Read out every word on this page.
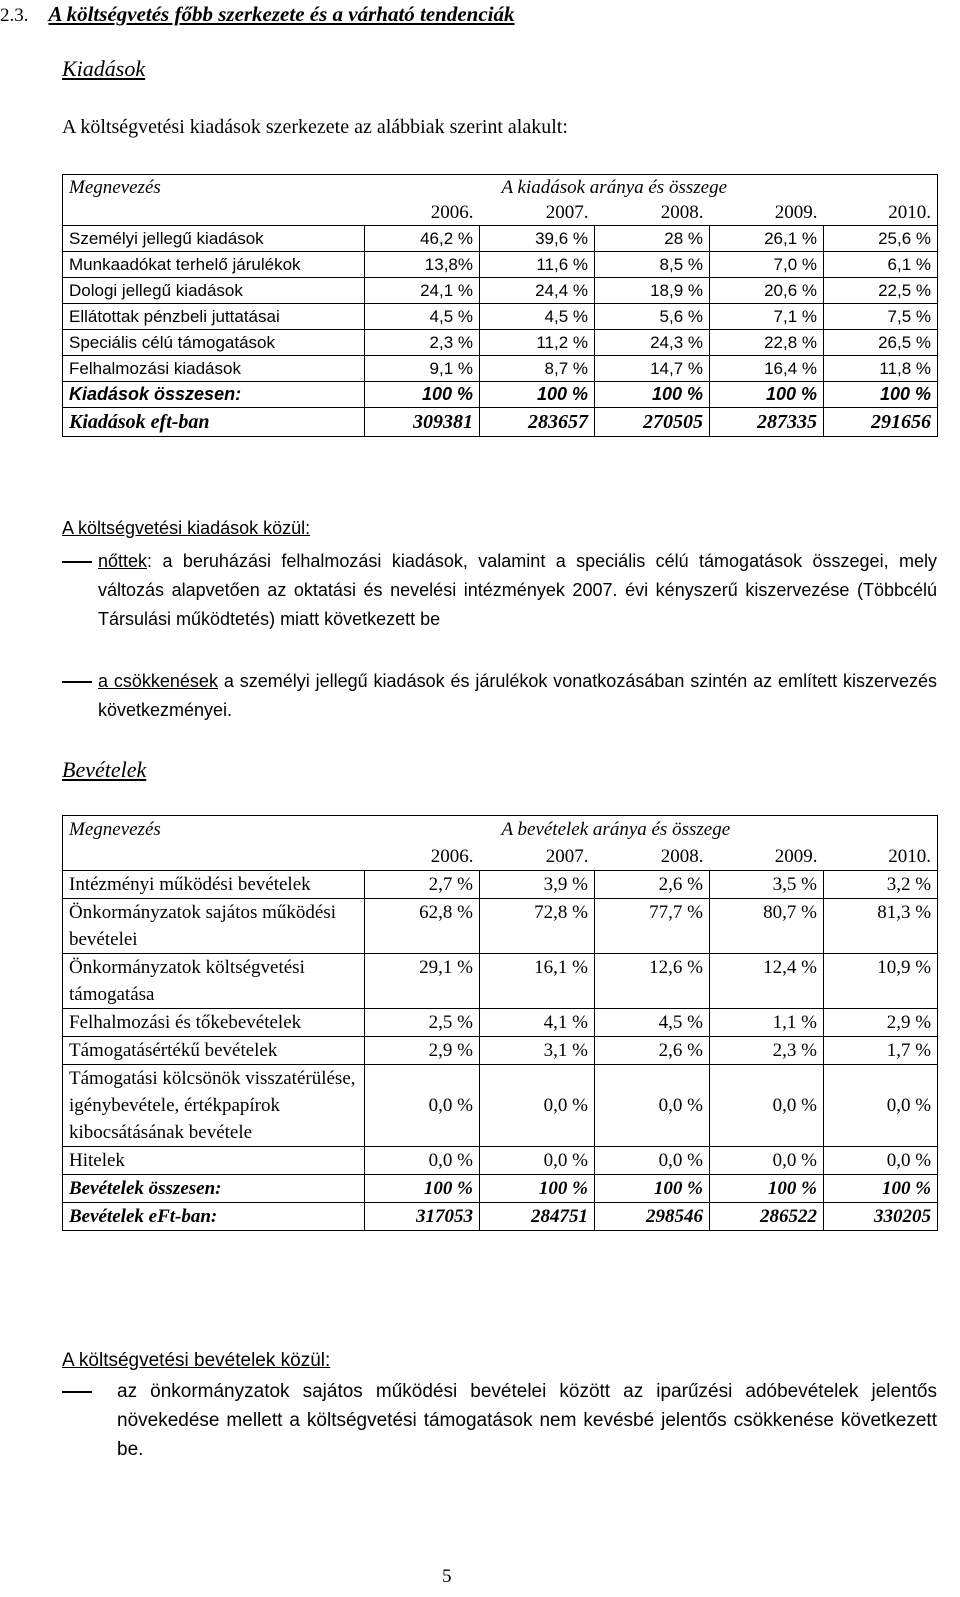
2.3. A költségvetés főbb szerkezete és a várható tendenciák
Kiadások
A költségvetési kiadások szerkezete az alábbiak szerint alakult:
Megnevezés	A kiadások aránya és összege				
	2006.	2007.	2008.	2009.	2010.
Személyi jellegű kiadások	46,2 %	39,6 %	28 %	26,1 %	25,6 %
Munkaadókat terhelő járulékok	13,8%	11,6 %	8,5 %	7,0 %	6,1 %
Dologi jellegű kiadások	24,1 %	24,4 %	18,9 %	20,6 %	22,5 %
Ellátottak pénzbeli juttatásai	4,5 %	4,5 %	5,6 %	7,1 %	7,5 %
Speciális célú támogatások	2,3 %	11,2 %	24,3 %	22,8 %	26,5 %
Felhalmozási kiadások	9,1 %	8,7 %	14,7 %	16,4 %	11,8 %
Kiadások összesen:	100 %	100 %	100 %	100 %	100 %
Kiadások eft-ban	309381	283657	270505	287335	291656
A költségvetési kiadások közül:
nőttek: a beruházási felhalmozási kiadások, valamint a speciális célú támogatások összegei, mely változás alapvetően az oktatási és nevelési intézmények 2007. évi kényszerű kiszervezése (Többcélú Társulási működtetés) miatt következett be
a csökkenések a személyi jellegű kiadások és járulékok vonatkozásában szintén az említett kiszervezés következményei.
Bevételek
Megnevezés	A bevételek aránya és összege				
	2006.	2007.	2008.	2009.	2010.
Intézményi működési bevételek	2,7 %	3,9 %	2,6 %	3,5 %	3,2 %
Önkormányzatok sajátos működési bevételei	62,8 %	72,8 %	77,7 %	80,7 %	81,3 %
Önkormányzatok költségvetési támogatása	29,1 %	16,1 %	12,6 %	12,4 %	10,9 %
Felhalmozási és tőkebevételek	2,5 %	4,1 %	4,5 %	1,1 %	2,9 %
Támogatásértékű bevételek	2,9 %	3,1 %	2,6 %	2,3 %	1,7 %
Támogatási kölcsönök visszatérülése, igénybevétele, értékpapírok kibocsátásának bevétele	0,0 %	0,0 %	0,0 %	0,0 %	0,0 %
Hitelek	0,0 %	0,0 %	0,0 %	0,0 %	0,0 %
Bevételek összesen:	100 %	100 %	100 %	100 %	100 %
Bevételek eFt-ban:	317053	284751	298546	286522	330205
A költségvetési bevételek közül:
az önkormányzatok sajátos működési bevételei között az iparűzési adóbevételek jelentős növekedése mellett a költségvetési támogatások nem kevésbé jelentős csökkenése következett be.
5
